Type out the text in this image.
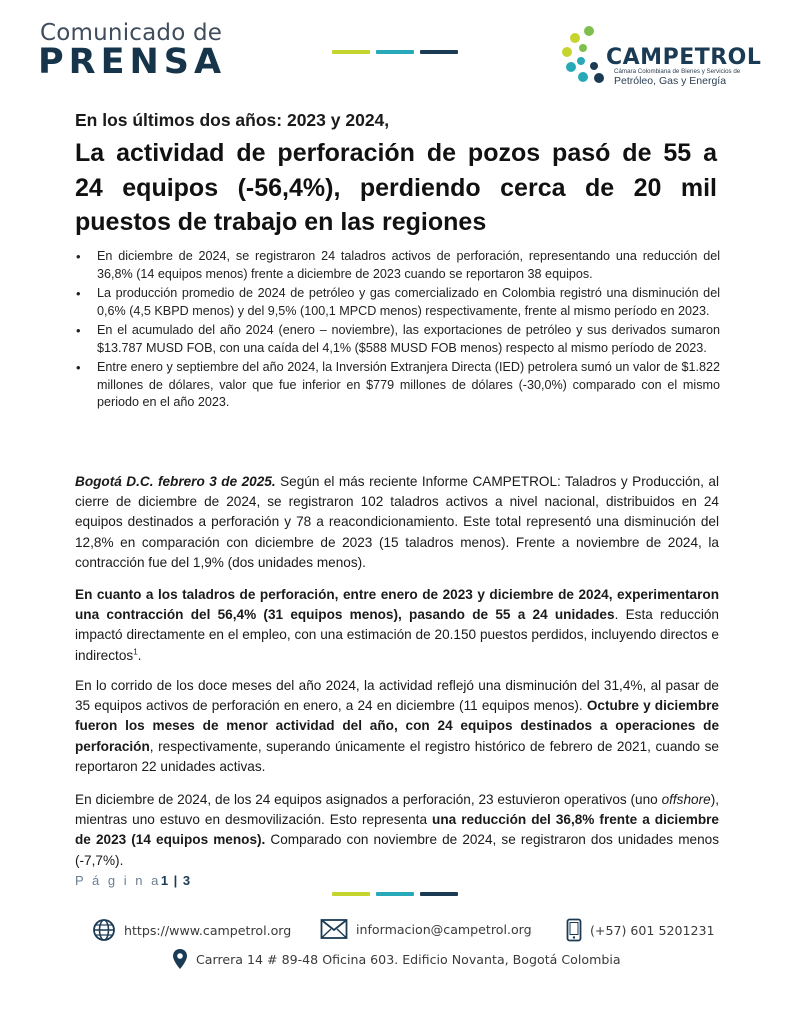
Comunicado de
PRENSA	CAMPETROL
Cámara Colombiana de Bienes y Servicios de
Petróleo, Gas y Energía
En los últimos dos años: 2023 y 2024,
La actividad de perforación de pozos pasó de 55 a
24 equipos (-56,4%), perdiendo cerca de 20 mil
puestos de trabajo en las regiones
• En diciembre de 2024, se registraron 24 taladros activos de perforación, representando una reducción del 36,8% (14 equipos menos) frente a diciembre de 2023 cuando se reportaron 38 equipos.
• La producción promedio de 2024 de petróleo y gas comercializado en Colombia registró una disminución del 0,6% (4,5 KBPD menos) y del 9,5% (100,1 MPCD menos) respectivamente, frente al mismo período en 2023.
• En el acumulado del año 2024 (enero – noviembre), las exportaciones de petróleo y sus derivados sumaron $13.787 MUSD FOB, con una caída del 4,1% ($588 MUSD FOB menos) respecto al mismo período de 2023.
• Entre enero y septiembre del año 2024, la Inversión Extranjera Directa (IED) petrolera sumó un valor de $1.822 millones de dólares, valor que fue inferior en $779 millones de dólares (-30,0%) comparado con el mismo periodo en el año 2023.
Bogotá D.C. febrero 3 de 2025. Según el más reciente Informe CAMPETROL: Taladros y Producción, al cierre de diciembre de 2024, se registraron 102 taladros activos a nivel nacional, distribuidos en 24 equipos destinados a perforación y 78 a reacondicionamiento. Este total representó una disminución del 12,8% en comparación con diciembre de 2023 (15 taladros menos). Frente a noviembre de 2024, la contracción fue del 1,9% (dos unidades menos).
En cuanto a los taladros de perforación, entre enero de 2023 y diciembre de 2024, experimentaron una contracción del 56,4% (31 equipos menos), pasando de 55 a 24 unidades. Esta reducción impactó directamente en el empleo, con una estimación de 20.150 puestos perdidos, incluyendo directos e indirectos$^1$.
En lo corrido de los doce meses del año 2024, la actividad reflejó una disminución del 31,4%, al pasar de 35 equipos activos de perforación en enero, a 24 en diciembre (11 equipos menos). Octubre y diciembre fueron los meses de menor actividad del año, con 24 equipos destinados a operaciones de perforación, respectivamente, superando únicamente el registro histórico de febrero de 2021, cuando se reportaron 22 unidades activas.
En diciembre de 2024, de los 24 equipos asignados a perforación, 23 estuvieron operativos (uno offshore), mientras uno estuvo en desmovilización. Esto representa una reducción del 36,8% frente a diciembre de 2023 (14 equipos menos). Comparado con noviembre de 2024, se registraron dos unidades menos (-7,7%).
P á g i n a1 | 3
https://www.campetrol.org	informacion@campetrol.org	(+57) 601 5201231
Carrera 14 # 89-48 Oficina 603. Edificio Novanta, Bogotá Colombia
